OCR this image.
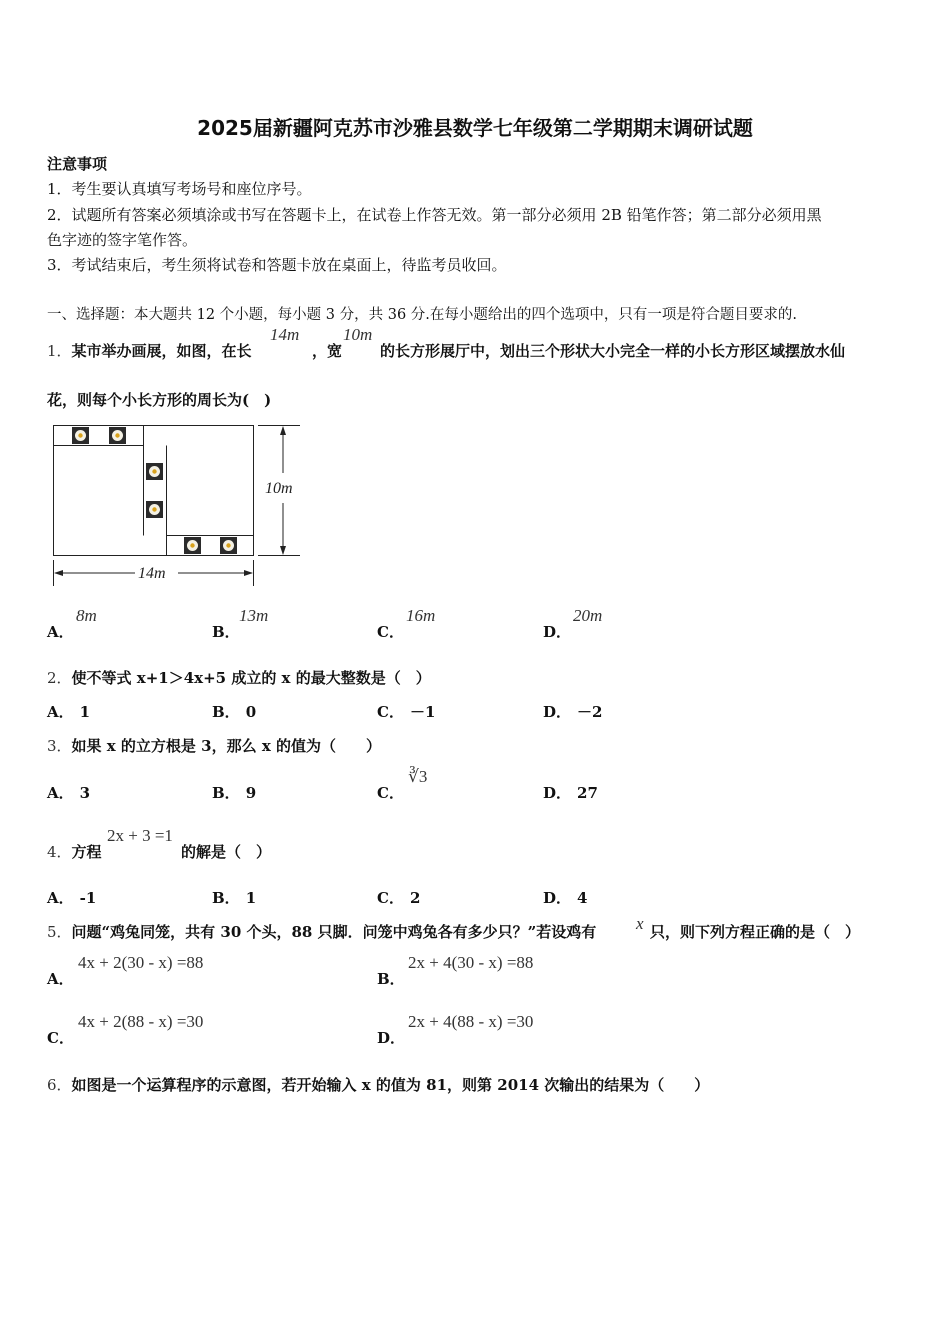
2025届新疆阿克苏市沙雅县数学七年级第二学期期末调研试题
注意事项
1．考生要认真填写考场号和座位序号。
2．试题所有答案必须填涂或书写在答题卡上，在试卷上作答无效。第一部分必须用 2B 铅笔作答；第二部分必须用黑
色字迹的签字笔作答。
3．考试结束后，考生须将试卷和答题卡放在桌面上，待监考员收回。
一、选择题：本大题共 12 个小题，每小题 3 分，共 36 分.在每小题给出的四个选项中，只有一项是符合题目要求的.
1．某市举办画展，如图，在长
14m
，宽
10m
的长方形展厅中，划出三个形状大小完全一样的小长方形区域摆放水仙
花，则每个小长方形的周长为(　)
10m
14m
A．
8m
B．
13m
C．
16m
D．
20m
2．使不等式 x+1＞4x+5 成立的 x 的最大整数是（　）
A． 1	B． 0	C． －1	D． －2
3．如果 x 的立方根是 3，那么 x 的值为（　　）
A． 3	B． 9	C．
∛3
D． 27
4．方程
2x + 3 =1
的解是（　）
A． -1	B． 1	C． 2	D． 4
5．问题“鸡兔同笼，共有 30 个头，88 只脚．问笼中鸡兔各有多少只？”若设鸡有 x 只，则下列方程正确的是（　）
A．
4x + 2(30 - x) =88
B．
2x + 4(30 - x) =88
C．
4x + 2(88 - x) =30
D．
2x + 4(88 - x) =30
6．如图是一个运算程序的示意图，若开始输入 x 的值为 81，则第 2014 次输出的结果为（　　）
